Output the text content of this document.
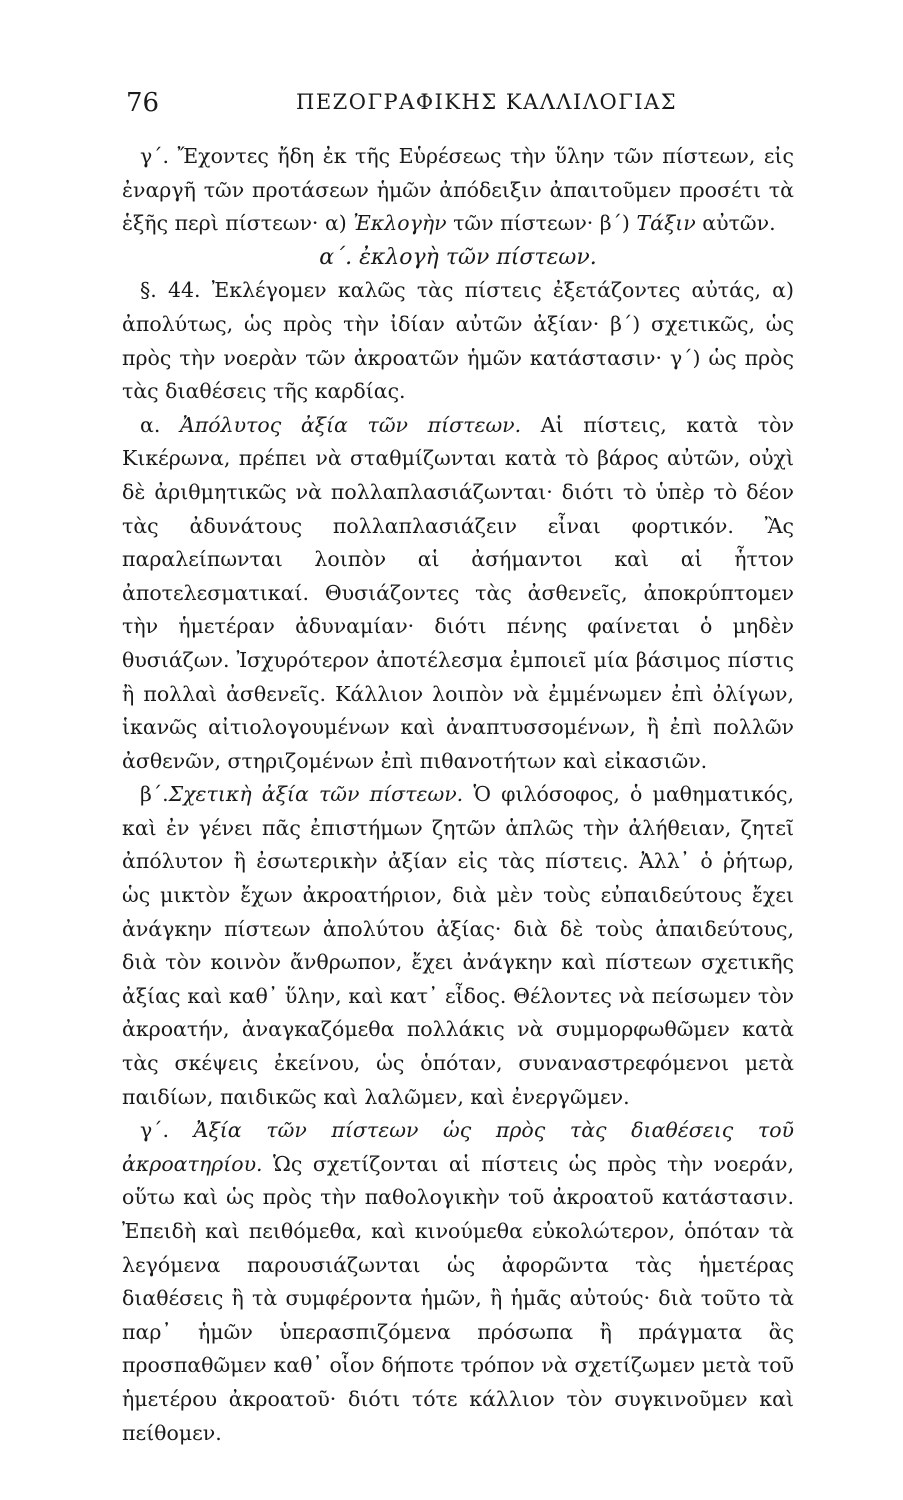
76	ΠΕΖΟΓΡΑΦΙΚΗΣ ΚΑΛΛΙΛΟΓΙΑΣ

γ΄. Ἔχοντες ἤδη ἐκ τῆς Εὑρέσεως τὴν ὕλην τῶν πίστεων, εἰς ἐναργῆ τῶν προτάσεων ἡμῶν ἀπόδειξιν ἀπαιτοῦμεν προσέτι τὰ ἑξῆς περὶ πίστεων· α) Ἐκλογὴν τῶν πίστεων· β΄) Τάξιν αὐτῶν.

α΄. ἐκλογὴ τῶν πίστεων.

§. 44. Ἐκλέγομεν καλῶς τὰς πίστεις ἐξετάζοντες αὐτάς, α) ἀπολύτως, ὡς πρὸς τὴν ἰδίαν αὐτῶν ἀξίαν· β΄) σχετικῶς, ὡς πρὸς τὴν νοερὰν τῶν ἀκροατῶν ἡμῶν κατάστασιν· γ΄) ὡς πρὸς τὰς διαθέσεις τῆς καρδίας.

α. Ἀπόλυτος ἀξία τῶν πίστεων. Αἱ πίστεις, κατὰ τὸν Κικέρωνα, πρέπει νὰ σταθμίζωνται κατὰ τὸ βάρος αὐτῶν, οὐχὶ δὲ ἀριθμητικῶς νὰ πολλαπλασιάζωνται· διότι τὸ ὑπὲρ τὸ δέον τὰς ἀδυνάτους πολλαπλασιάζειν εἶναι φορτικόν. Ἂς παραλείπωνται λοιπὸν αἱ ἀσήμαντοι καὶ αἱ ἧττον ἀποτελεσματικαί. Θυσιάζοντες τὰς ἀσθενεῖς, ἀποκρύπτομεν τὴν ἡμετέραν ἀδυναμίαν· διότι πένης φαίνεται ὁ μηδὲν θυσιάζων. Ἰσχυρότερον ἀποτέλεσμα ἐμποιεῖ μία βάσιμος πίστις ἢ πολλαὶ ἀσθενεῖς. Κάλλιον λοιπὸν νὰ ἐμμένωμεν ἐπὶ ὀλίγων, ἱκανῶς αἰτιολογουμένων καὶ ἀναπτυσσομένων, ἢ ἐπὶ πολλῶν ἀσθενῶν, στηριζομένων ἐπὶ πιθανοτήτων καὶ εἰκασιῶν.

β΄.Σχετικὴ ἀξία τῶν πίστεων. Ὁ φιλόσοφος, ὁ μαθηματικός, καὶ ἐν γένει πᾶς ἐπιστήμων ζητῶν ἁπλῶς τὴν ἀλήθειαν, ζητεῖ ἀπόλυτον ἢ ἐσωτερικὴν ἀξίαν εἰς τὰς πίστεις. Ἀλλ᾽ ὁ ῥήτωρ, ὡς μικτὸν ἔχων ἀκροατήριον, διὰ μὲν τοὺς εὐπαιδεύτους ἔχει ἀνάγκην πίστεων ἀπολύτου ἀξίας· διὰ δὲ τοὺς ἀπαιδεύτους, διὰ τὸν κοινὸν ἄνθρωπον, ἔχει ἀνάγκην καὶ πίστεων σχετικῆς ἀξίας καὶ καθ᾽ ὕλην, καὶ κατ᾽ εἶδος. Θέλοντες νὰ πείσωμεν τὸν ἀκροατήν, ἀναγκαζόμεθα πολλάκις νὰ συμμορφωθῶμεν κατὰ τὰς σκέψεις ἐκείνου, ὡς ὁπόταν, συναναστρεφόμενοι μετὰ παιδίων, παιδικῶς καὶ λαλῶμεν, καὶ ἐνεργῶμεν.

γ΄. Ἀξία τῶν πίστεων ὡς πρὸς τὰς διαθέσεις τοῦ ἀκροατηρίου. Ὡς σχετίζονται αἱ πίστεις ὡς πρὸς τὴν νοεράν, οὕτω καὶ ὡς πρὸς τὴν παθολογικὴν τοῦ ἀκροατοῦ κατάστασιν. Ἐπειδὴ καὶ πειθόμεθα, καὶ κινούμεθα εὐκολώτερον, ὁπόταν τὰ λεγόμενα παρουσιάζωνται ὡς ἀφορῶντα τὰς ἡμετέρας διαθέσεις ἢ τὰ συμφέροντα ἡμῶν, ἢ ἡμᾶς αὐτούς· διὰ τοῦτο τὰ παρ᾽ ἡμῶν ὑπερασπιζόμενα πρόσωπα ἢ πράγματα ἃς προσπαθῶμεν καθ᾽ οἷον δήποτε τρόπον νὰ σχετίζωμεν μετὰ τοῦ ἡμετέρου ἀκροατοῦ· διότι τότε κάλλιον τὸν συγκινοῦμεν καὶ πείθομεν.
